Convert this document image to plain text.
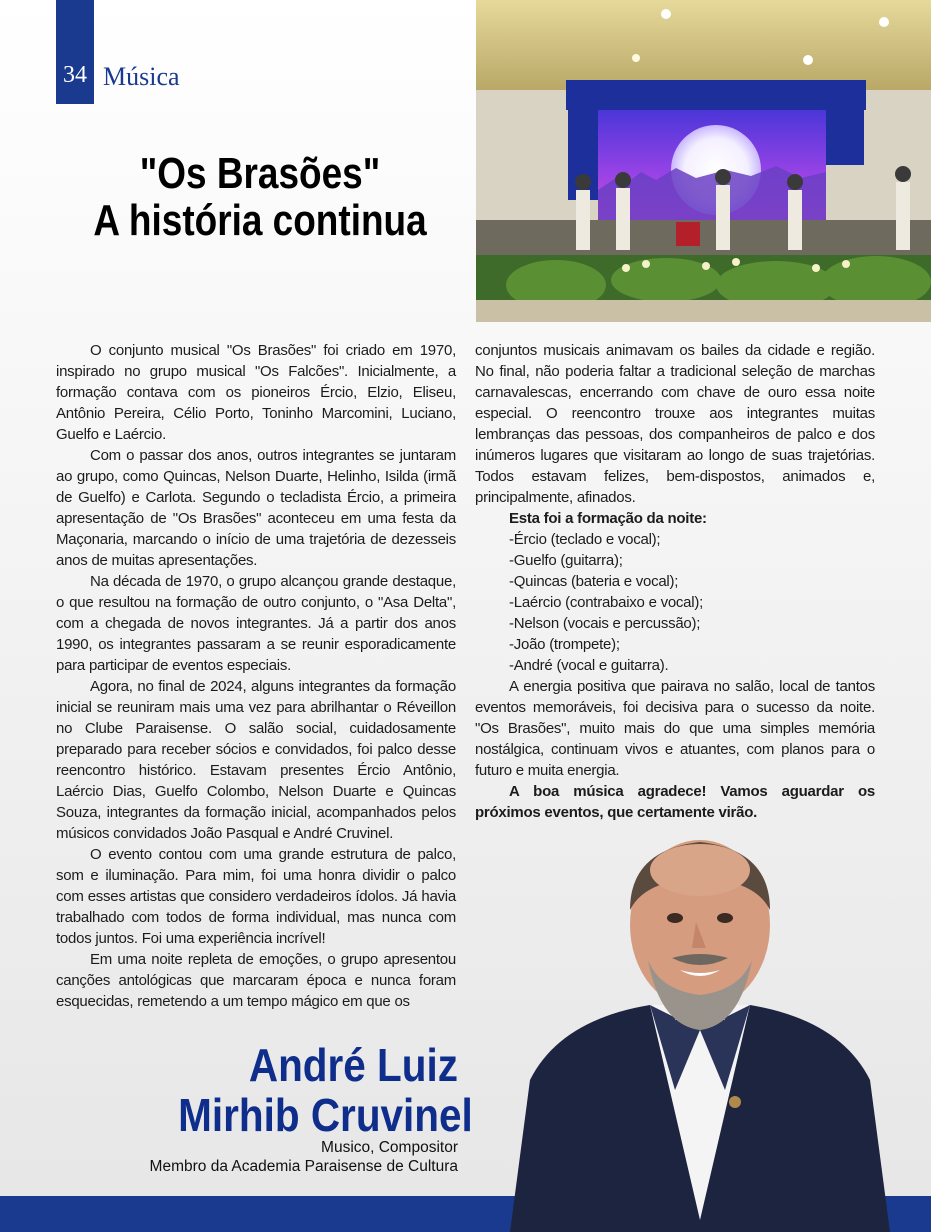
34 Música
"Os Brasões"
A história continua

O conjunto musical "Os Brasões" foi criado em 1970, inspirado no grupo musical "Os Falcões". Inicialmente, a formação contava com os pioneiros Ércio, Elzio, Eliseu, Antônio Pereira, Célio Porto, Toninho Marcomini, Luciano, Guelfo e Laércio.

Com o passar dos anos, outros integrantes se juntaram ao grupo, como Quincas, Nelson Duarte, Helinho, Isilda (irmã de Guelfo) e Carlota. Segundo o tecladista Ércio, a primeira apresentação de "Os Brasões" aconteceu em uma festa da Maçonaria, marcando o início de uma trajetória de dezesseis anos de muitas apresentações.

Na década de 1970, o grupo alcançou grande destaque, o que resultou na formação de outro conjunto, o "Asa Delta", com a chegada de novos integrantes. Já a partir dos anos 1990, os integrantes passaram a se reunir esporadicamente para participar de eventos especiais.

Agora, no final de 2024, alguns integrantes da formação inicial se reuniram mais uma vez para abrilhantar o Réveillon no Clube Paraisense. O salão social, cuidadosamente preparado para receber sócios e convidados, foi palco desse reencontro histórico. Estavam presentes Ércio Antônio, Laércio Dias, Guelfo Colombo, Nelson Duarte e Quincas Souza, integrantes da formação inicial, acompanhados pelos músicos convidados João Pasqual e André Cruvinel.

O evento contou com uma grande estrutura de palco, som e iluminação. Para mim, foi uma honra dividir o palco com esses artistas que considero verdadeiros ídolos. Já havia trabalhado com todos de forma individual, mas nunca com todos juntos. Foi uma experiência incrível!

Em uma noite repleta de emoções, o grupo apresentou canções antológicas que marcaram época e nunca foram esquecidas, remetendo a um tempo mágico em que os

conjuntos musicais animavam os bailes da cidade e região. No final, não poderia faltar a tradicional seleção de marchas carnavalescas, encerrando com chave de ouro essa noite especial. O reencontro trouxe aos integrantes muitas lembranças das pessoas, dos companheiros de palco e dos inúmeros lugares que visitaram ao longo de suas trajetórias. Todos estavam felizes, bem-dispostos, animados e, principalmente, afinados.

Esta foi a formação da noite:

-Ércio (teclado e vocal);
-Guelfo (guitarra);
-Quincas (bateria e vocal);
-Laércio (contrabaixo e vocal);
-Nelson (vocais e percussão);
-João (trompete);
-André (vocal e guitarra).

A energia positiva que pairava no salão, local de tantos eventos memoráveis, foi decisiva para o sucesso da noite. "Os Brasões", muito mais do que uma simples memória nostálgica, continuam vivos e atuantes, com planos para o futuro e muita energia.

A boa música agradece! Vamos aguardar os próximos eventos, que certamente virão.

André Luiz
Mirhib Cruvinel
Musico, Compositor
Membro da Academia Paraisense de Cultura
